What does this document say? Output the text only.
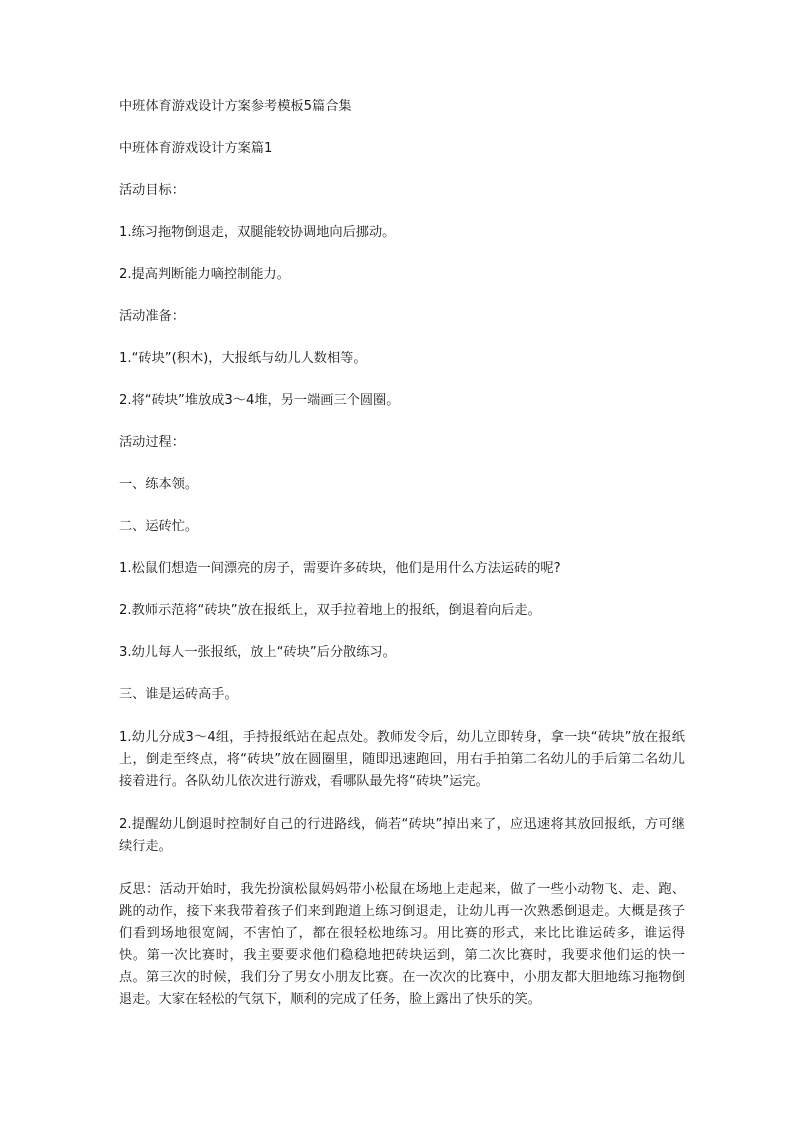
中班体育游戏设计方案参考模板5篇合集

中班体育游戏设计方案篇1

活动目标：

1.练习拖物倒退走，双腿能较协调地向后挪动。

2.提高判断能力嘀控制能力。

活动准备：

1.“砖块”(积木)，大报纸与幼儿人数相等。

2.将“砖块”堆放成3～4堆，另一端画三个圆圈。

活动过程：

一、练本领。

二、运砖忙。

1.松鼠们想造一间漂亮的房子，需要许多砖块，他们是用什么方法运砖的呢?

2.教师示范将“砖块”放在报纸上，双手拉着地上的报纸，倒退着向后走。

3.幼儿每人一张报纸，放上“砖块”后分散练习。

三、谁是运砖高手。

1.幼儿分成3～4组，手持报纸站在起点处。教师发令后，幼儿立即转身，拿一块“砖块”放在报纸上，倒走至终点，将“砖块”放在圆圈里，随即迅速跑回，用右手拍第二名幼儿的手后第二名幼儿接着进行。各队幼儿依次进行游戏，看哪队最先将“砖块”运完。

2.提醒幼儿倒退时控制好自己的行进路线，倘若“砖块”掉出来了，应迅速将其放回报纸，方可继续行走。

反思：活动开始时，我先扮演松鼠妈妈带小松鼠在场地上走起来，做了一些小动物飞、走、跑、跳的动作，接下来我带着孩子们来到跑道上练习倒退走，让幼儿再一次熟悉倒退走。大概是孩子们看到场地很宽阔，不害怕了，都在很轻松地练习。用比赛的形式，来比比谁运砖多，谁运得快。第一次比赛时，我主要要求他们稳稳地把砖块运到，第二次比赛时，我要求他们运的快一点。第三次的时候，我们分了男女小朋友比赛。在一次次的比赛中，小朋友都大胆地练习拖物倒退走。大家在轻松的气氛下，顺利的完成了任务，脸上露出了快乐的笑。
